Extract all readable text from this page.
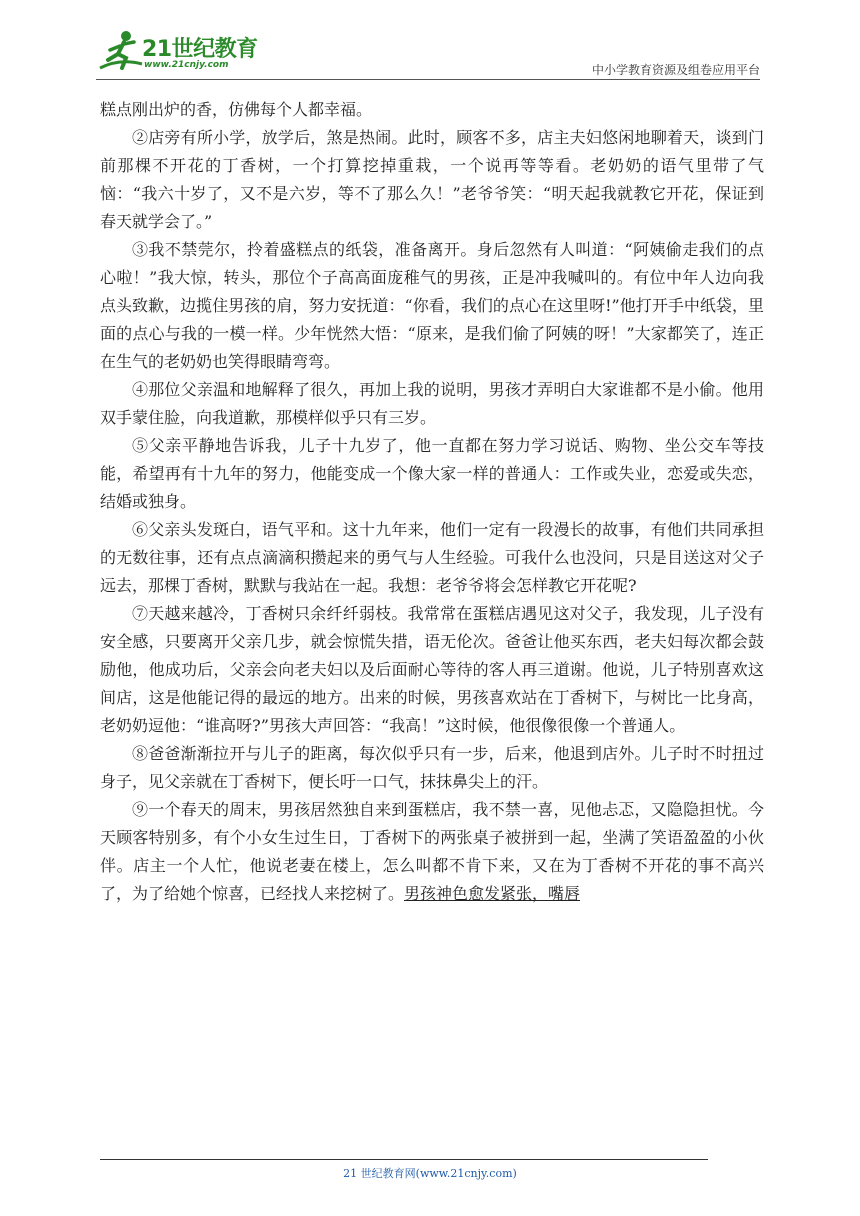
21世纪教育
www.21cnjy.com	中小学教育资源及组卷应用平台

糕点刚出炉的香，仿佛每个人都幸福。

②店旁有所小学，放学后，煞是热闹。此时，顾客不多，店主夫妇悠闲地聊着天，谈到门前那棵不开花的丁香树，一个打算挖掉重栽，一个说再等等看。老奶奶的语气里带了气恼：“我六十岁了，又不是六岁，等不了那么久！”老爷爷笑：“明天起我就教它开花，保证到春天就学会了。”

③我不禁莞尔，拎着盛糕点的纸袋，准备离开。身后忽然有人叫道：“阿姨偷走我们的点心啦！”我大惊，转头，那位个子高高面庞稚气的男孩，正是冲我喊叫的。有位中年人边向我点头致歉，边揽住男孩的肩，努力安抚道：“你看，我们的点心在这里呀!”他打开手中纸袋，里面的点心与我的一模一样。少年恍然大悟：“原来，是我们偷了阿姨的呀！”大家都笑了，连正在生气的老奶奶也笑得眼睛弯弯。

④那位父亲温和地解释了很久，再加上我的说明，男孩才弄明白大家谁都不是小偷。他用双手蒙住脸，向我道歉，那模样似乎只有三岁。

⑤父亲平静地告诉我，儿子十九岁了，他一直都在努力学习说话、购物、坐公交车等技能，希望再有十九年的努力，他能变成一个像大家一样的普通人：工作或失业，恋爱或失恋，结婚或独身。

⑥父亲头发斑白，语气平和。这十九年来，他们一定有一段漫长的故事，有他们共同承担的无数往事，还有点点滴滴积攒起来的勇气与人生经验。可我什么也没问，只是目送这对父子远去，那棵丁香树，默默与我站在一起。我想：老爷爷将会怎样教它开花呢?

⑦天越来越冷，丁香树只余纤纤弱枝。我常常在蛋糕店遇见这对父子，我发现，儿子没有安全感，只要离开父亲几步，就会惊慌失措，语无伦次。爸爸让他买东西，老夫妇每次都会鼓励他，他成功后，父亲会向老夫妇以及后面耐心等待的客人再三道谢。他说，儿子特别喜欢这间店，这是他能记得的最远的地方。出来的时候，男孩喜欢站在丁香树下，与树比一比身高，老奶奶逗他：“谁高呀?”男孩大声回答：“我高！”这时候，他很像很像一个普通人。

⑧爸爸渐渐拉开与儿子的距离，每次似乎只有一步，后来，他退到店外。儿子时不时扭过身子，见父亲就在丁香树下，便长吁一口气，抹抹鼻尖上的汗。

⑨一个春天的周末，男孩居然独自来到蛋糕店，我不禁一喜，见他忐忑，又隐隐担忧。今天顾客特别多，有个小女生过生日，丁香树下的两张桌子被拼到一起，坐满了笑语盈盈的小伙伴。店主一个人忙，他说老妻在楼上，怎么叫都不肯下来，又在为丁香树不开花的事不高兴了，为了给她个惊喜，已经找人来挖树了。男孩神色愈发紧张，嘴唇

21 世纪教育网(www.21cnjy.com)
